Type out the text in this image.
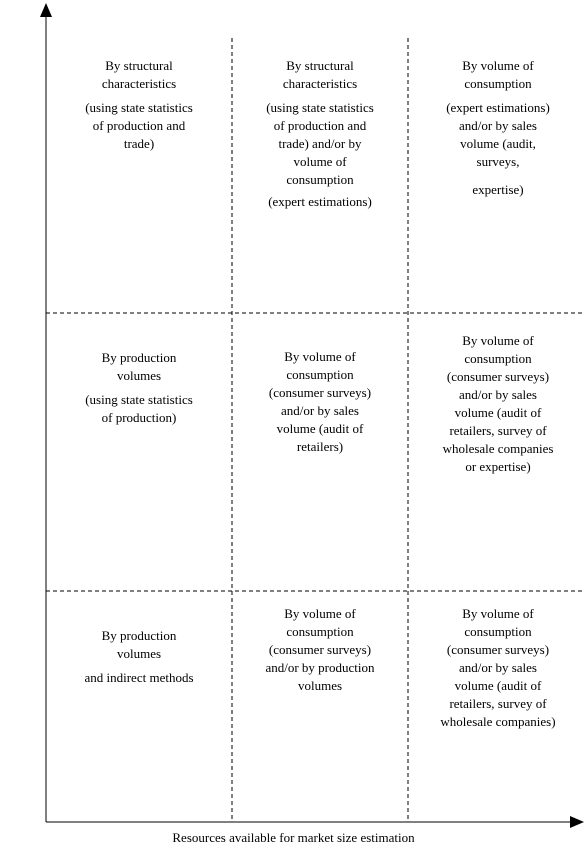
By structural
characteristics
(using state statistics
of production and
trade)
By structural
characteristics
(using state statistics
of production and
trade) and/or by
volume of
consumption
(expert estimations)
By volume of
consumption
(expert estimations)
and/or by sales
volume (audit,
surveys,
expertise)
By production
volumes
(using state statistics
of production)
By volume of
consumption
(consumer surveys)
and/or by sales
volume (audit of
retailers)
By volume of
consumption
(consumer surveys)
and/or by sales
volume (audit of
retailers, survey of
wholesale companies
or expertise)
By production
volumes
and indirect methods
By volume of
consumption
(consumer surveys)
and/or by production
volumes
By volume of
consumption
(consumer surveys)
and/or by sales
volume (audit of
retailers, survey of
wholesale companies)
Resources available for market size estimation
